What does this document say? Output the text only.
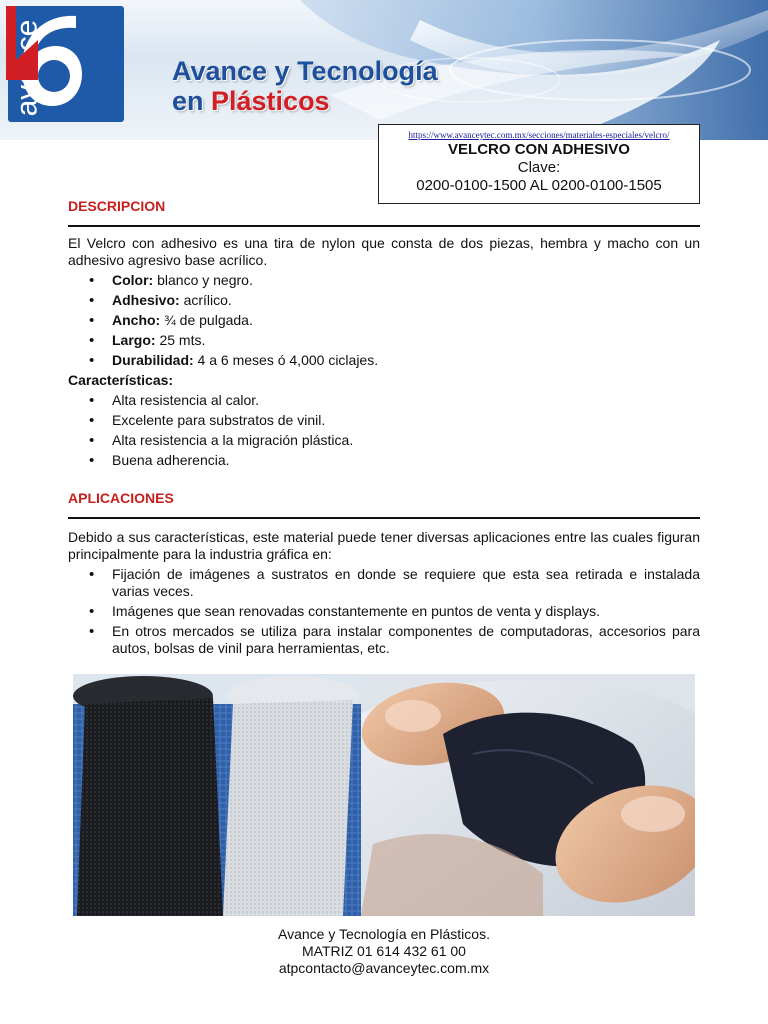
Avance y Tecnología
en Plásticos
https://www.avanceytec.com.mx/secciones/materiales-especiales/velcro/
VELCRO CON ADHESIVO
Clave:
0200-0100-1500 AL 0200-0100-1505
DESCRIPCION

El Velcro con adhesivo es una tira de nylon que consta de dos piezas, hembra y macho con un adhesivo agresivo base acrílico.

• Color: blanco y negro.
• Adhesivo: acrílico.
• Ancho: ¾ de pulgada.
• Largo: 25 mts.
• Durabilidad: 4 a 6 meses ó 4,000 ciclajes.
Características:
• Alta resistencia al calor.
• Excelente para substratos de vinil.
• Alta resistencia a la migración plástica.
• Buena adherencia.
APLICACIONES

Debido a sus características, este material puede tener diversas aplicaciones entre las cuales figuran principalmente para la industria gráfica en:

• Fijación de imágenes a sustratos en donde se requiere que esta sea retirada e instalada varias veces.
• Imágenes que sean renovadas constantemente en puntos de venta y displays.
• En otros mercados se utiliza para instalar componentes de computadoras, accesorios para autos, bolsas de vinil para herramientas, etc.
Avance y Tecnología en Plásticos.
MATRIZ 01 614 432 61 00
atpcontacto@avanceytec.com.mx
